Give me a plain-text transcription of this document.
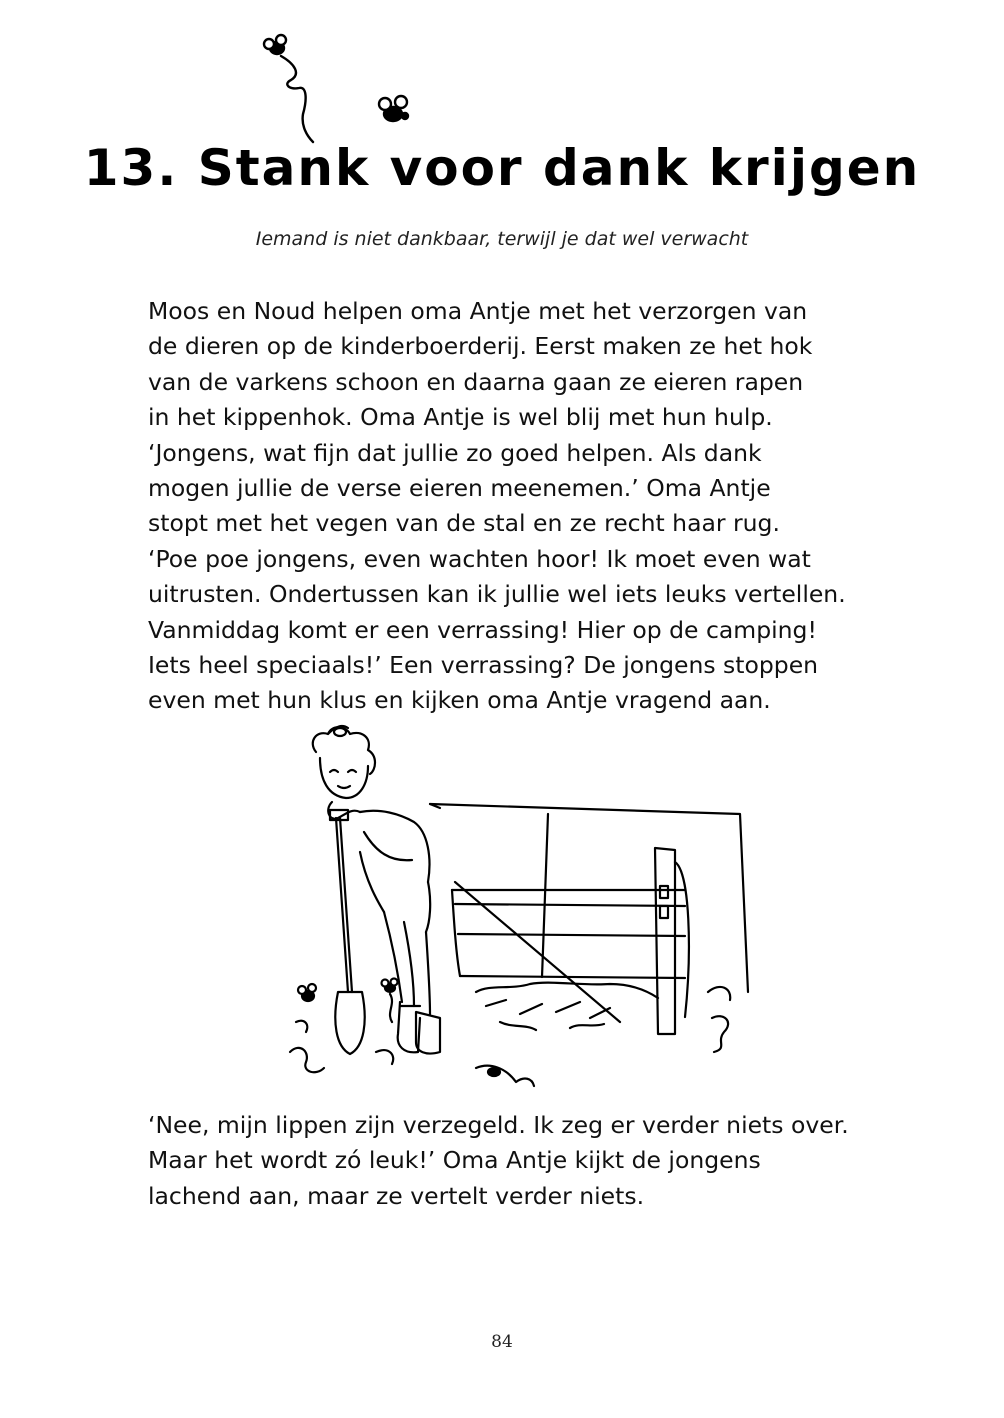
13. Stank voor dank krijgen
Iemand is niet dankbaar, terwijl je dat wel verwacht
Moos en Noud helpen oma Antje met het verzorgen van
de dieren op de kinderboerderij. Eerst maken ze het hok
van de varkens schoon en daarna gaan ze eieren rapen
in het kippenhok. Oma Antje is wel blij met hun hulp.
‘Jongens, wat fijn dat jullie zo goed helpen. Als dank
mogen jullie de verse eieren meenemen.’ Oma Antje
stopt met het vegen van de stal en ze recht haar rug.
‘Poe poe jongens, even wachten hoor! Ik moet even wat
uitrusten. Ondertussen kan ik jullie wel iets leuks vertellen.
Vanmiddag komt er een verrassing! Hier op de camping!
Iets heel speciaals!’ Een verrassing? De jongens stoppen
even met hun klus en kijken oma Antje vragend aan.
‘Nee, mijn lippen zijn verzegeld. Ik zeg er verder niets over.
Maar het wordt zó leuk!’ Oma Antje kijkt de jongens
lachend aan, maar ze vertelt verder niets.
84
